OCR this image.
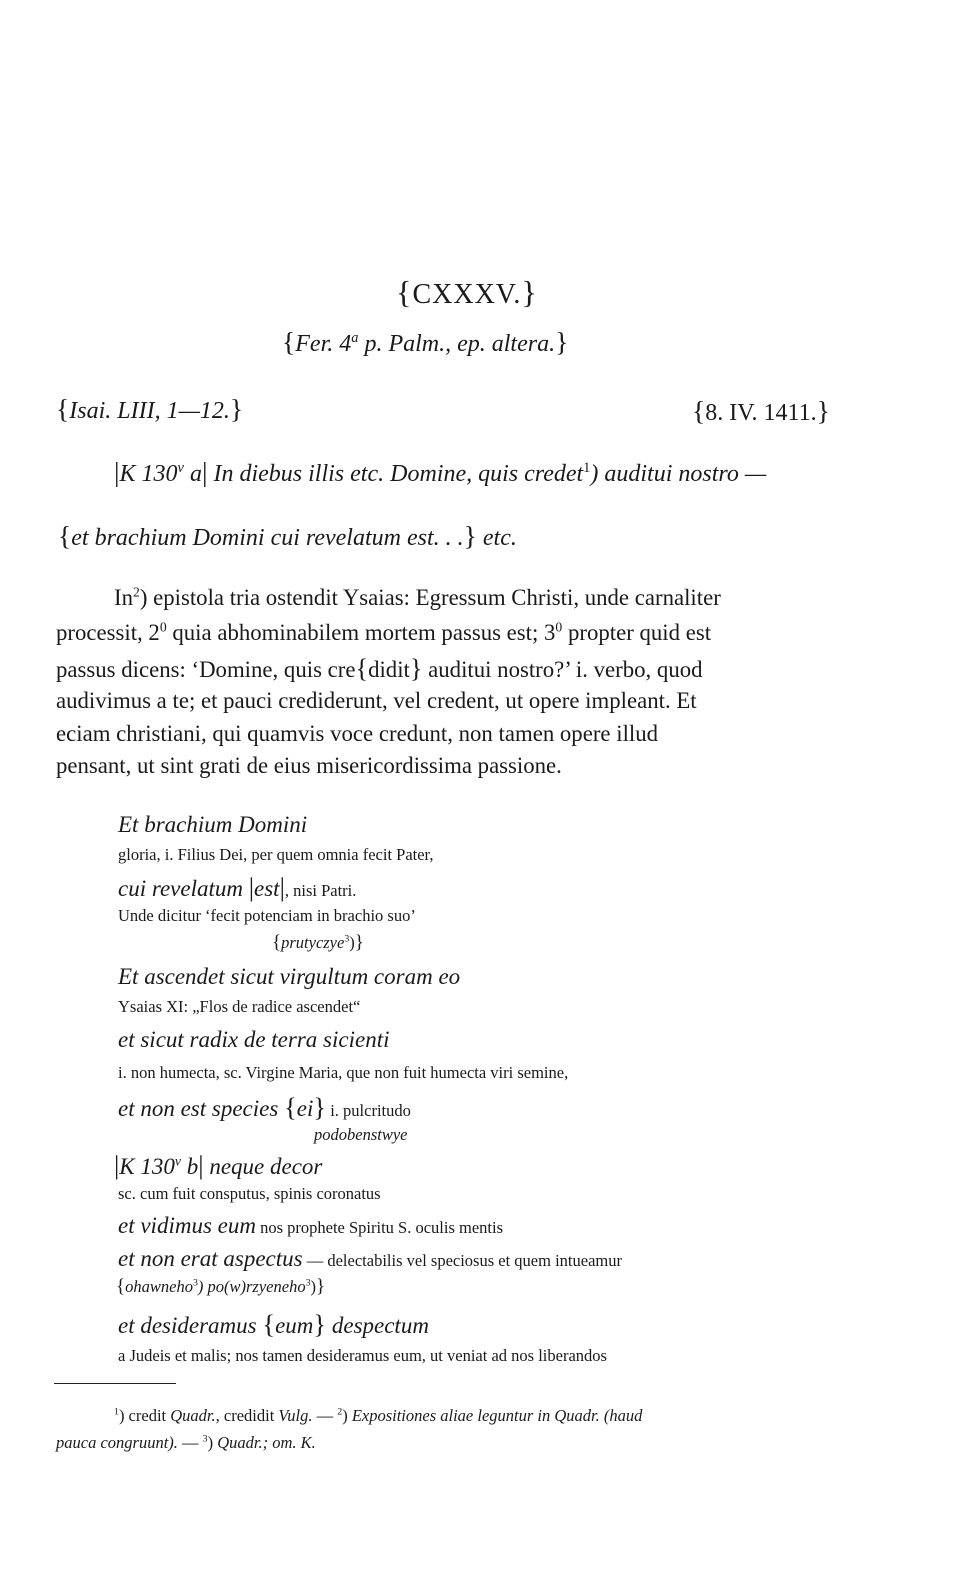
{CXXXV.}
{Fer. 4$^a$ p. Palm., ep. altera.}
{Isai. LIII, 1—12.}	{8. IV. 1411.}
|K 130$^v$ a| In diebus illis etc. Domine, quis credet$^1$) auditui nostro —
{et brachium Domini cui revelatum est. . .} etc.
In$^2$) epistola tria ostendit Ysaias: Egressum Christi, unde carnaliter
processit, $2^0$ quia abhominabilem mortem passus est; $3^0$ propter quid est
passus dicens: ‘Domine, quis cre{didit} auditui nostro?’ i. verbo, quod
audivimus a te; et pauci crediderunt, vel credent, ut opere impleant. Et
eciam christiani, qui quamvis voce credunt, non tamen opere illud
pensant, ut sint grati de eius misericordissima passione.
Et brachium Domini
gloria, i. Filius Dei, per quem omnia fecit Pater,
cui revelatum |est|, nisi Patri.
Unde dicitur ‘fecit potenciam in brachio suo’
{prutyczye$^3$)}
Et ascendet sicut virgultum coram eo
Ysaias XI: „Flos de radice ascendet“
et sicut radix de terra sicienti
i. non humecta, sc. Virgine Maria, que non fuit humecta viri semine,
et non est species {ei} i. pulcritudo
podobenstwye
|K 130$^v$ b| neque decor
sc. cum fuit consputus, spinis coronatus
et vidimus eum nos prophete Spiritu S. oculis mentis
et non erat aspectus — delectabilis vel speciosus et quem intueamur
{ohawneho$^3$) po(w)rzyeneho$^3$)}
et desideramus {eum} despectum
a Judeis et malis; nos tamen desideramus eum, ut veniat ad nos liberandos
$^1$) credit Quadr., credidit Vulg. — $^2$) Expositiones aliae leguntur in Quadr. (haud
pauca congruunt). — $^3$) Quadr.; om. K.
